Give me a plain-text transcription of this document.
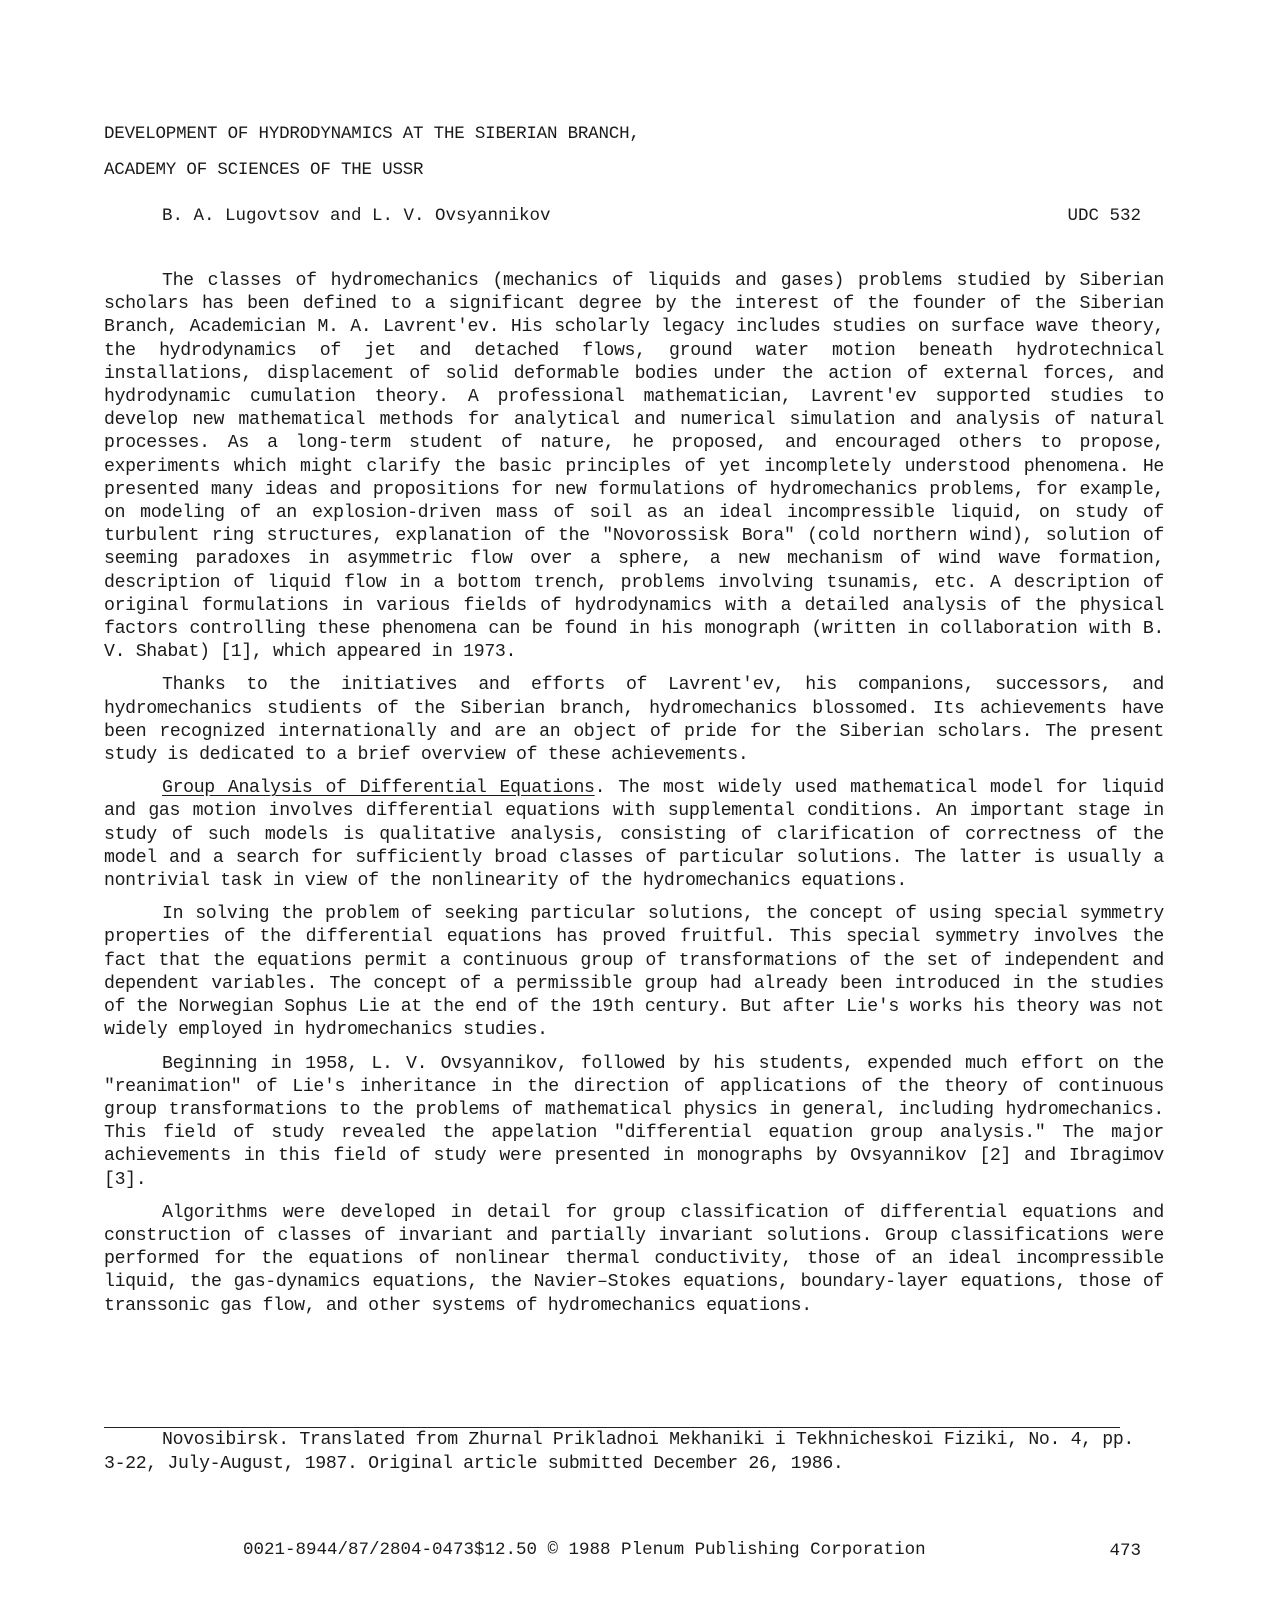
DEVELOPMENT OF HYDRODYNAMICS AT THE SIBERIAN BRANCH,
ACADEMY OF SCIENCES OF THE USSR
B. A. Lugovtsov and L. V. Ovsyannikov	UDC 532

The classes of hydromechanics (mechanics of liquids and gases) problems studied by Siberian scholars has been defined to a significant degree by the interest of the founder of the Siberian Branch, Academician M. A. Lavrent'ev. His scholarly legacy includes studies on surface wave theory, the hydrodynamics of jet and detached flows, ground water motion beneath hydrotechnical installations, displacement of solid deformable bodies under the action of external forces, and hydrodynamic cumulation theory. A professional mathematician, Lavrent'ev supported studies to develop new mathematical methods for analytical and numerical simulation and analysis of natural processes. As a long-term student of nature, he proposed, and encouraged others to propose, experiments which might clarify the basic principles of yet incompletely understood phenomena. He presented many ideas and propositions for new formulations of hydromechanics problems, for example, on modeling of an explosion-driven mass of soil as an ideal incompressible liquid, on study of turbulent ring structures, explanation of the "Novorossisk Bora" (cold northern wind), solution of seeming paradoxes in asymmetric flow over a sphere, a new mechanism of wind wave formation, description of liquid flow in a bottom trench, problems involving tsunamis, etc. A description of original formulations in various fields of hydrodynamics with a detailed analysis of the physical factors controlling these phenomena can be found in his monograph (written in collaboration with B. V. Shabat) [1], which appeared in 1973.

Thanks to the initiatives and efforts of Lavrent'ev, his companions, successors, and hydromechanics studients of the Siberian branch, hydromechanics blossomed. Its achievements have been recognized internationally and are an object of pride for the Siberian scholars. The present study is dedicated to a brief overview of these achievements.

Group Analysis of Differential Equations. The most widely used mathematical model for liquid and gas motion involves differential equations with supplemental conditions. An important stage in study of such models is qualitative analysis, consisting of clarification of correctness of the model and a search for sufficiently broad classes of particular solutions. The latter is usually a nontrivial task in view of the nonlinearity of the hydromechanics equations.

In solving the problem of seeking particular solutions, the concept of using special symmetry properties of the differential equations has proved fruitful. This special symmetry involves the fact that the equations permit a continuous group of transformations of the set of independent and dependent variables. The concept of a permissible group had already been introduced in the studies of the Norwegian Sophus Lie at the end of the 19th century. But after Lie's works his theory was not widely employed in hydromechanics studies.

Beginning in 1958, L. V. Ovsyannikov, followed by his students, expended much effort on the "reanimation" of Lie's inheritance in the direction of applications of the theory of continuous group transformations to the problems of mathematical physics in general, including hydromechanics. This field of study revealed the appelation "differential equation group analysis." The major achievements in this field of study were presented in monographs by Ovsyannikov [2] and Ibragimov [3].

Algorithms were developed in detail for group classification of differential equations and construction of classes of invariant and partially invariant solutions. Group classifications were performed for the equations of nonlinear thermal conductivity, those of an ideal incompressible liquid, the gas-dynamics equations, the Navier–Stokes equations, boundary-layer equations, those of transsonic gas flow, and other systems of hydromechanics equations.

Novosibirsk. Translated from Zhurnal Prikladnoi Mekhaniki i Tekhnicheskoi Fiziki, No. 4, pp. 3-22, July-August, 1987. Original article submitted December 26, 1986.
0021-8944/87/2804-0473$12.50 © 1988 Plenum Publishing Corporation	473
